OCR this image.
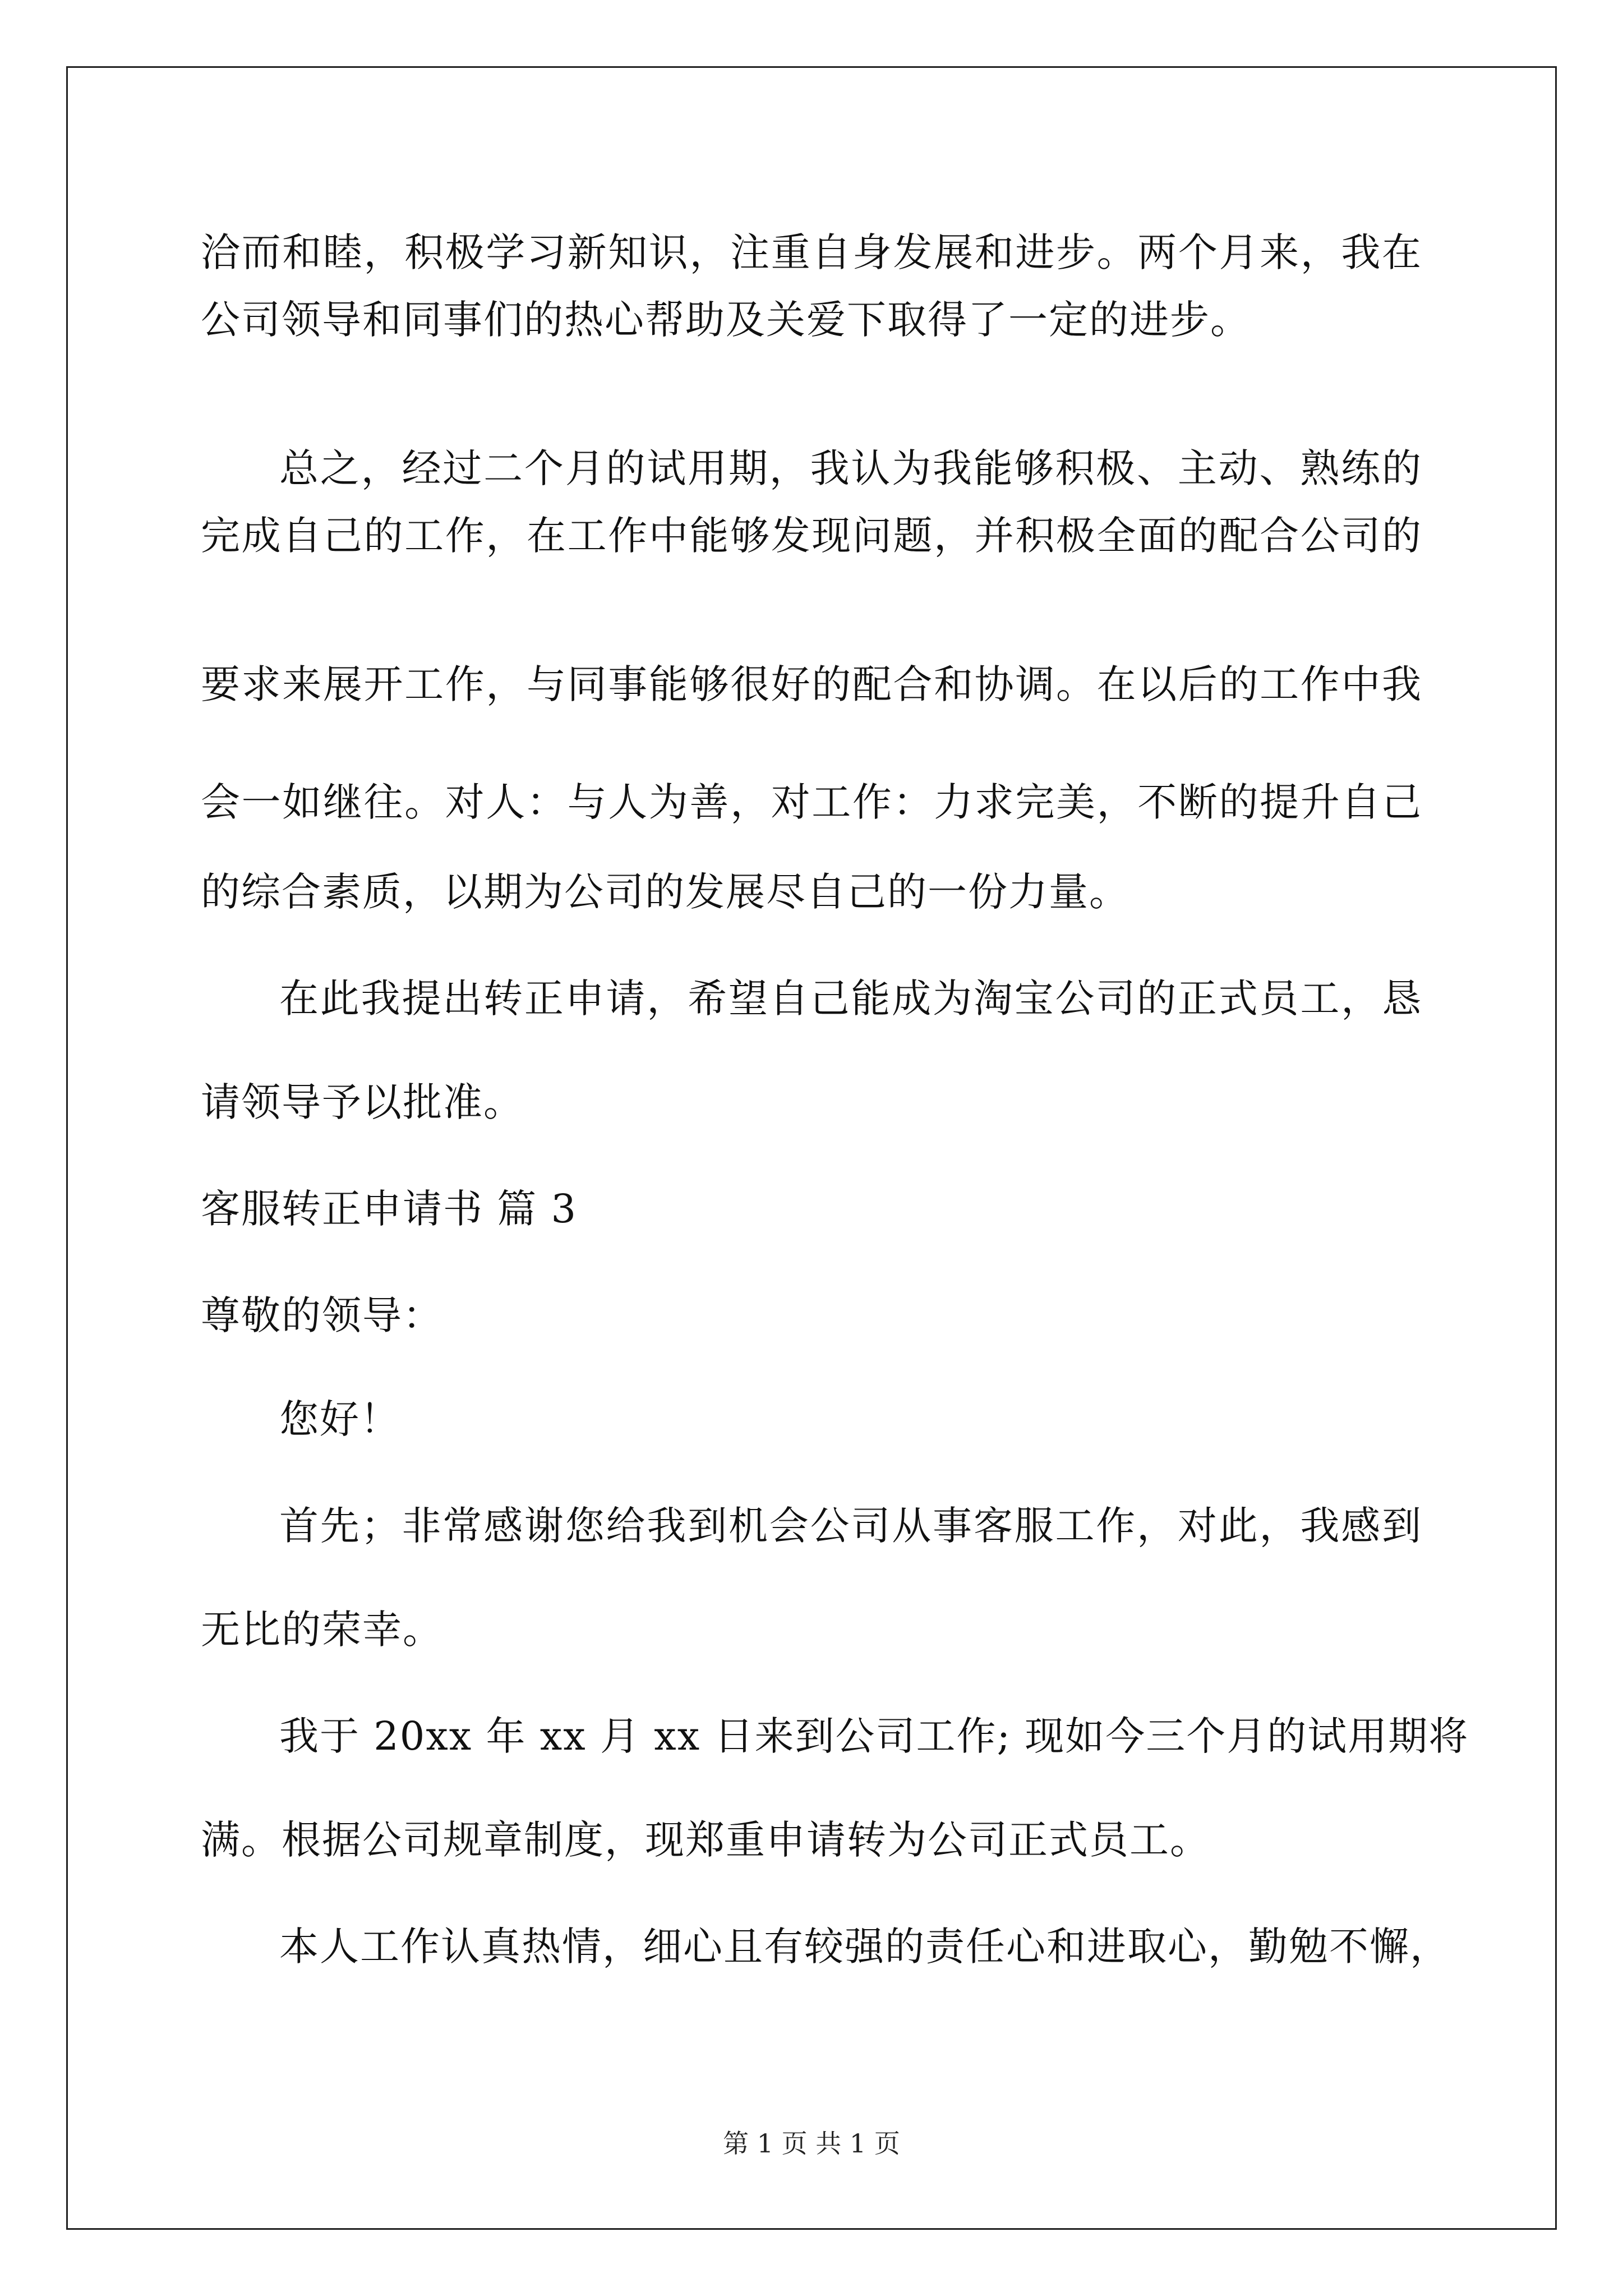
洽而和睦，积极学习新知识，注重自身发展和进步。两个月来，我在
公司领导和同事们的热心帮助及关爱下取得了一定的进步。
总之，经过二个月的试用期，我认为我能够积极、主动、熟练的
完成自己的工作，在工作中能够发现问题，并积极全面的配合公司的
要求来展开工作，与同事能够很好的配合和协调。在以后的工作中我
会一如继往。对人：与人为善，对工作：力求完美，不断的提升自己
的综合素质，以期为公司的发展尽自己的一份力量。
在此我提出转正申请，希望自己能成为淘宝公司的正式员工，恳
请领导予以批准。
客服转正申请书 篇 3
尊敬的领导：
您好！
首先；非常感谢您给我到机会公司从事客服工作，对此，我感到
无比的荣幸。
我于 20xx 年 xx 月 xx 日来到公司工作; 现如今三个月的试用期将
满。根据公司规章制度，现郑重申请转为公司正式员工。
本人工作认真热情，细心且有较强的责任心和进取心，勤勉不懈，
第 1 页 共 1 页
